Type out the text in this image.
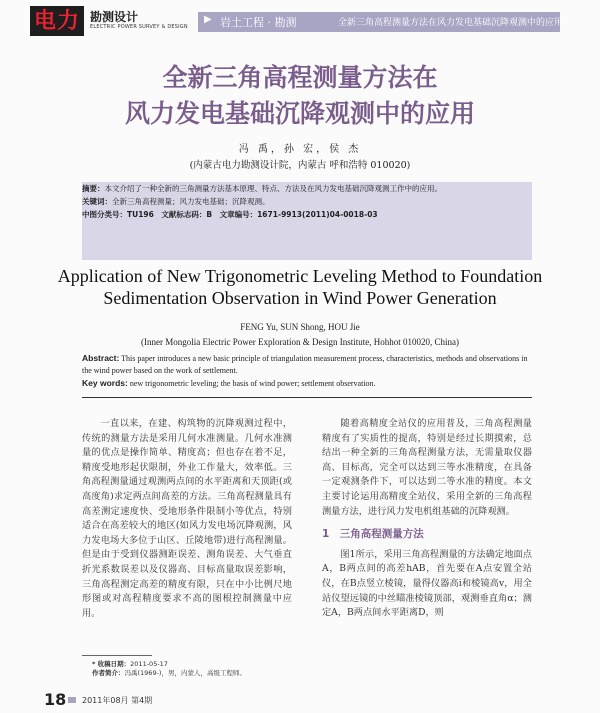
电力 勘测设计
ELECTRIC POWER SURVEY & DESIGN
▶ 岩土工程 · 勘测	全新三角高程测量方法在风力发电基础沉降观测中的应用
全新三角高程测量方法在
风力发电基础沉降观测中的应用
冯 禹，孙 宏，侯 杰
(内蒙古电力勘测设计院，内蒙古 呼和浩特 010020)

摘要：本文介绍了一种全新的三角测量方法基本原理、特点、方法及在风力发电基础沉降观测工作中的应用。

关键词：全新三角高程测量；风力发电基础；沉降观测。

中图分类号：TU196　文献标志码：B　文章编号：1671-9913(2011)04-0018-03

Application of New Trigonometric Leveling Method to Foundation
Sedimentation Observation in Wind Power Generation
FENG Yu, SUN Shong, HOU Jie
(Inner Mongolia Electric Power Exploration & Design Institute, Hohhot 010020, China)

Abstract: This paper introduces a new basic principle of triangulation measurement process, characteristics, methods and observations in the wind power based on the work of settlement.

Key words: new trigonometric leveling; the basis of wind power; settlement observation.

一直以来，在建、构筑物的沉降观测过程中，传统的测量方法是采用几何水准测量。几何水准测量的优点是操作简单、精度高；但也存在着不足，精度受地形起伏限制，外业工作量大，效率低。三角高程测量通过观测两点间的水平距离和天顶距(或高度角)求定两点间高差的方法。三角高程测量具有高差测定速度快、受地形条件限制小等优点，特别适合在高差较大的地区(如风力发电场沉降观测，风力发电场大多位于山区、丘陵地带)进行高程测量。但是由于受到仪器测距误差、测角误差、大气垂直折光系数误差以及仪器高、目标高量取误差影响，三角高程测定高差的精度有限，只在中小比例尺地形图或对高程精度要求不高的图根控制测量中应用。

随着高精度全站仪的应用普及，三角高程测量精度有了实质性的提高，特别是经过长期摸索，总结出一种全新的三角高程测量方法，无需量取仪器高、目标高，完全可以达到三等水准精度，在具备一定观测条件下，可以达到二等水准的精度。本文主要讨论运用高精度全站仪，采用全新的三角高程测量方法，进行风力发电机组基础的沉降观测。

1　三角高程测量方法

图1所示，采用三角高程测量的方法确定地面点A，B两点间的高差hAB，首先要在A点安置全站仪，在B点竖立棱镜，量得仪器高i和棱镜高v，用全站仪望远镜的中丝瞄准棱镜顶部，观测垂直角α；测定A，B两点间水平距离D，则

* 收稿日期：2011-05-17
作者简介：冯禹(1969-)，男，内蒙人，高级工程师。
18 2011年08月 第4期
